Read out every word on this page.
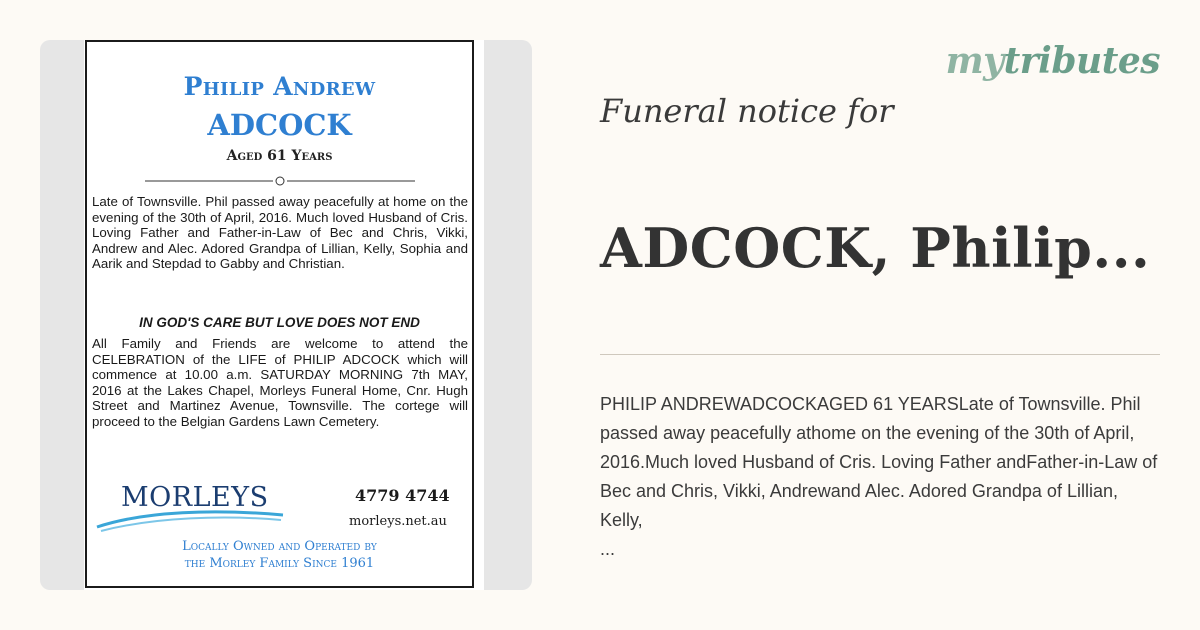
Philip Andrew
ADCOCK
Aged 61 Years
Late of Townsville. Phil passed away peacefully at home on the evening of the 30th of April, 2016. Much loved Husband of Cris. Loving Father and Father-in-Law of Bec and Chris, Vikki, Andrew and Alec. Adored Grandpa of Lillian, Kelly, Sophia and Aarik and Stepdad to Gabby and Christian.
IN GOD'S CARE BUT LOVE DOES NOT END
All Family and Friends are welcome to attend the CELEBRATION of the LIFE of PHILIP ADCOCK which will commence at 10.00 a.m. SATURDAY MORNING 7th MAY, 2016 at the Lakes Chapel, Morleys Funeral Home, Cnr. Hugh Street and Martinez Avenue, Townsville. The cortege will proceed to the Belgian Gardens Lawn Cemetery.
MORLEYS	4779 4744
morleys.net.au
Locally Owned and Operated by
the Morley Family Since 1961
mytributes
Funeral notice for
ADCOCK, Philip...
PHILIP ANDREWADCOCKAGED 61 YEARSLate of Townsville. Phil passed away peacefully athome on the evening of the 30th of April, 2016.Much loved Husband of Cris. Loving Father andFather-in-Law of Bec and Chris, Vikki, Andrewand Alec. Adored Grandpa of Lillian, Kelly,
...
